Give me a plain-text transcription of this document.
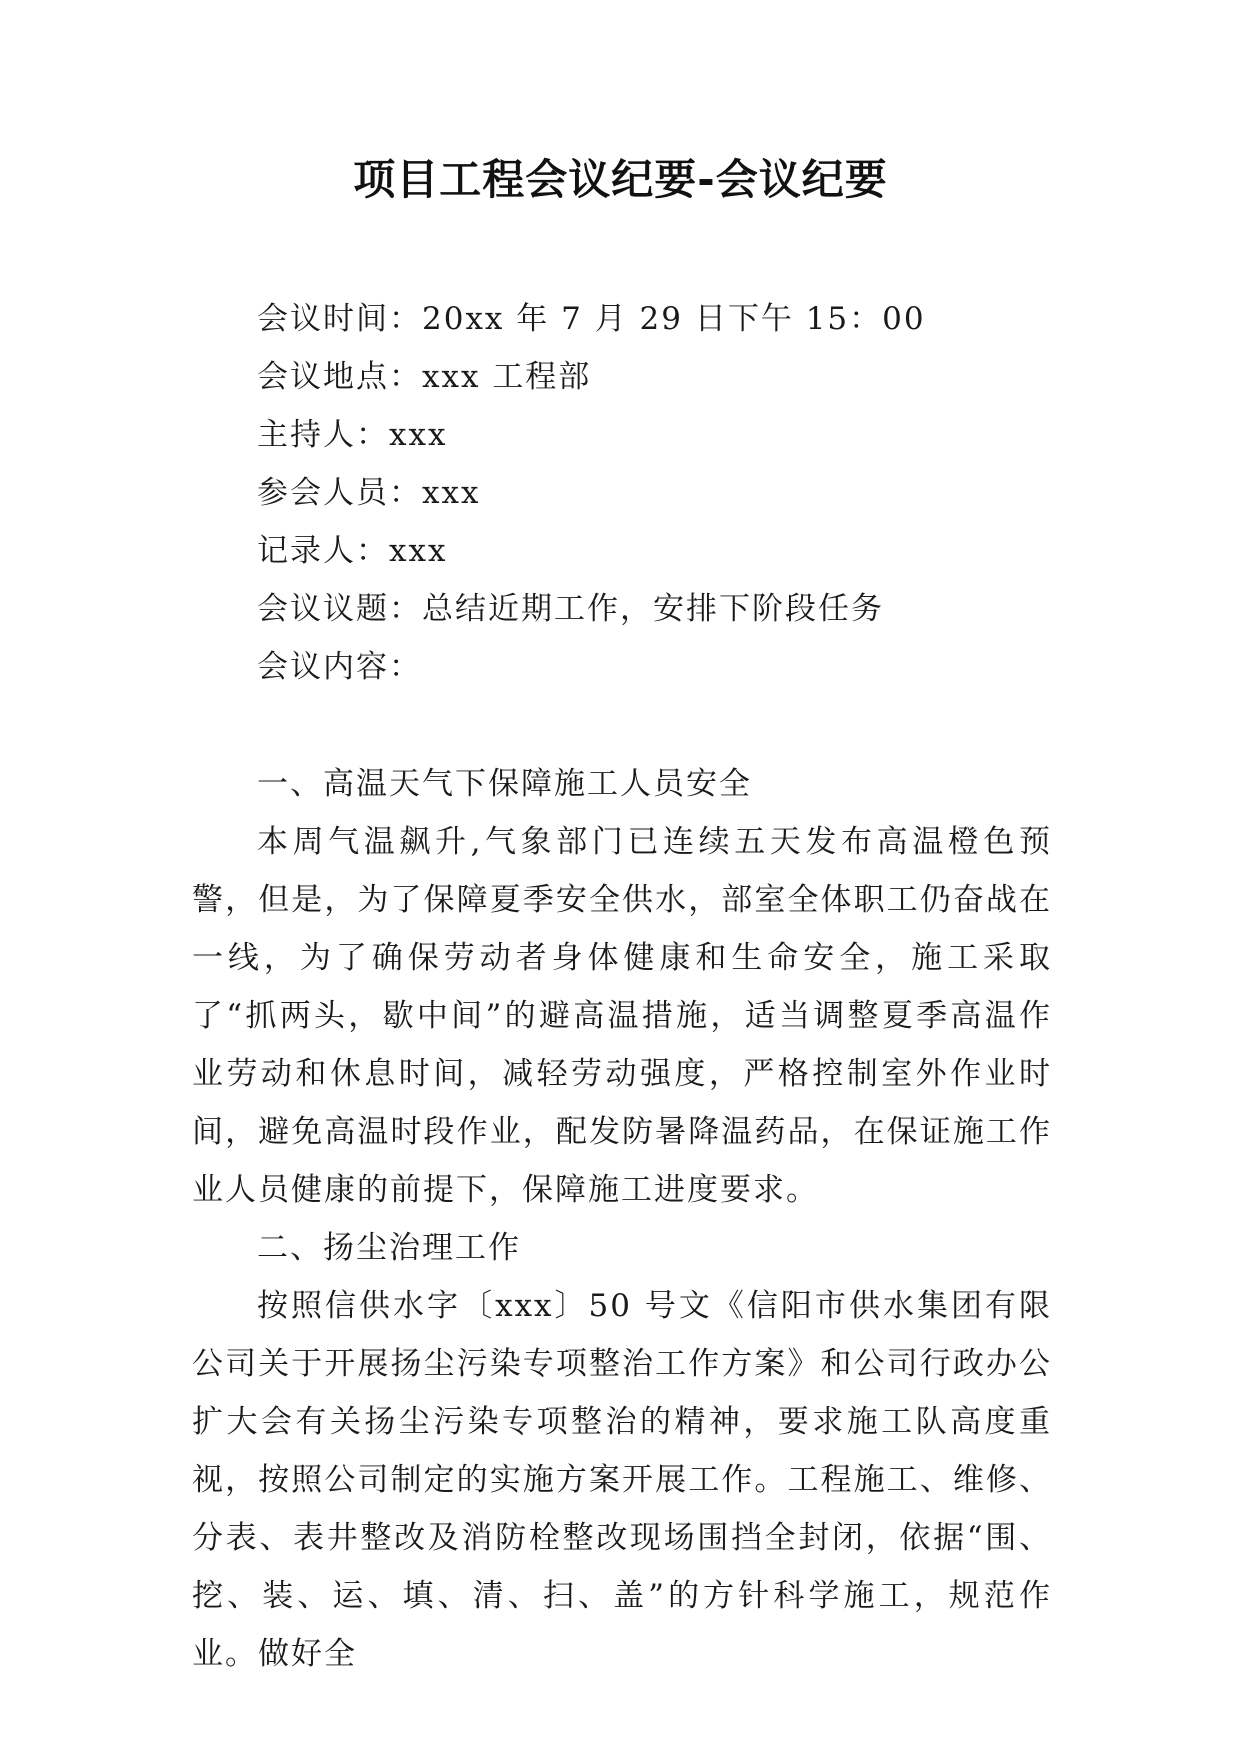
项目工程会议纪要-会议纪要
会议时间：20xx 年 7 月 29 日下午 15：00
会议地点：xxx 工程部
主持人：xxx
参会人员：xxx
记录人：xxx
会议议题：总结近期工作，安排下阶段任务
会议内容：

一、高温天气下保障施工人员安全

本周气温飙升,气象部门已连续五天发布高温橙色预警，但是，为了保障夏季安全供水，部室全体职工仍奋战在一线，为了确保劳动者身体健康和生命安全，施工采取了“抓两头，歇中间”的避高温措施，适当调整夏季高温作业劳动和休息时间，减轻劳动强度，严格控制室外作业时间，避免高温时段作业，配发防暑降温药品，在保证施工作业人员健康的前提下，保障施工进度要求。

二、扬尘治理工作

按照信供水字〔xxx〕50 号文《信阳市供水集团有限公司关于开展扬尘污染专项整治工作方案》和公司行政办公扩大会有关扬尘污染专项整治的精神，要求施工队高度重视，按照公司制定的实施方案开展工作。工程施工、维修、分表、表井整改及消防栓整改现场围挡全封闭，依据“围、挖、装、运、填、清、扫、盖”的方针科学施工，规范作业。做好全
